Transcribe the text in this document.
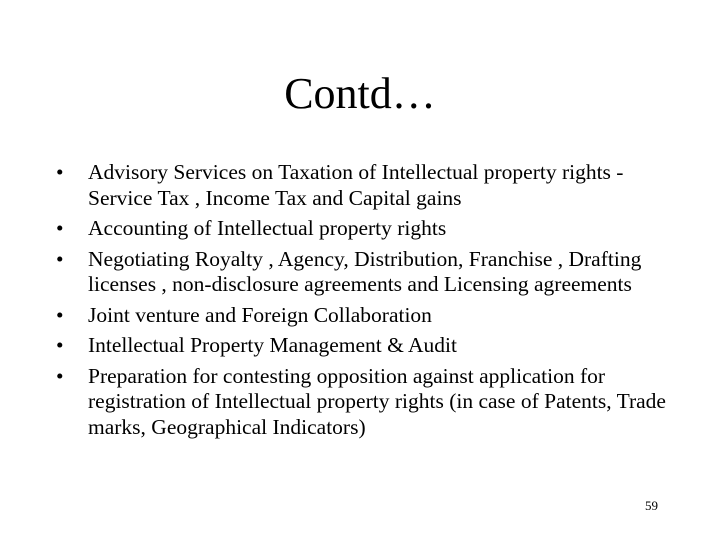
Contd…
•	Advisory Services on Taxation of Intellectual property rights - Service Tax , Income Tax and Capital gains
•	Accounting of Intellectual property rights
•	Negotiating Royalty , Agency, Distribution, Franchise , Drafting licenses , non-disclosure agreements and Licensing agreements
•	Joint venture and Foreign Collaboration
•	Intellectual Property Management & Audit
•	Preparation for contesting opposition against application for registration of Intellectual property rights (in case of Patents, Trade marks, Geographical Indicators)
59
